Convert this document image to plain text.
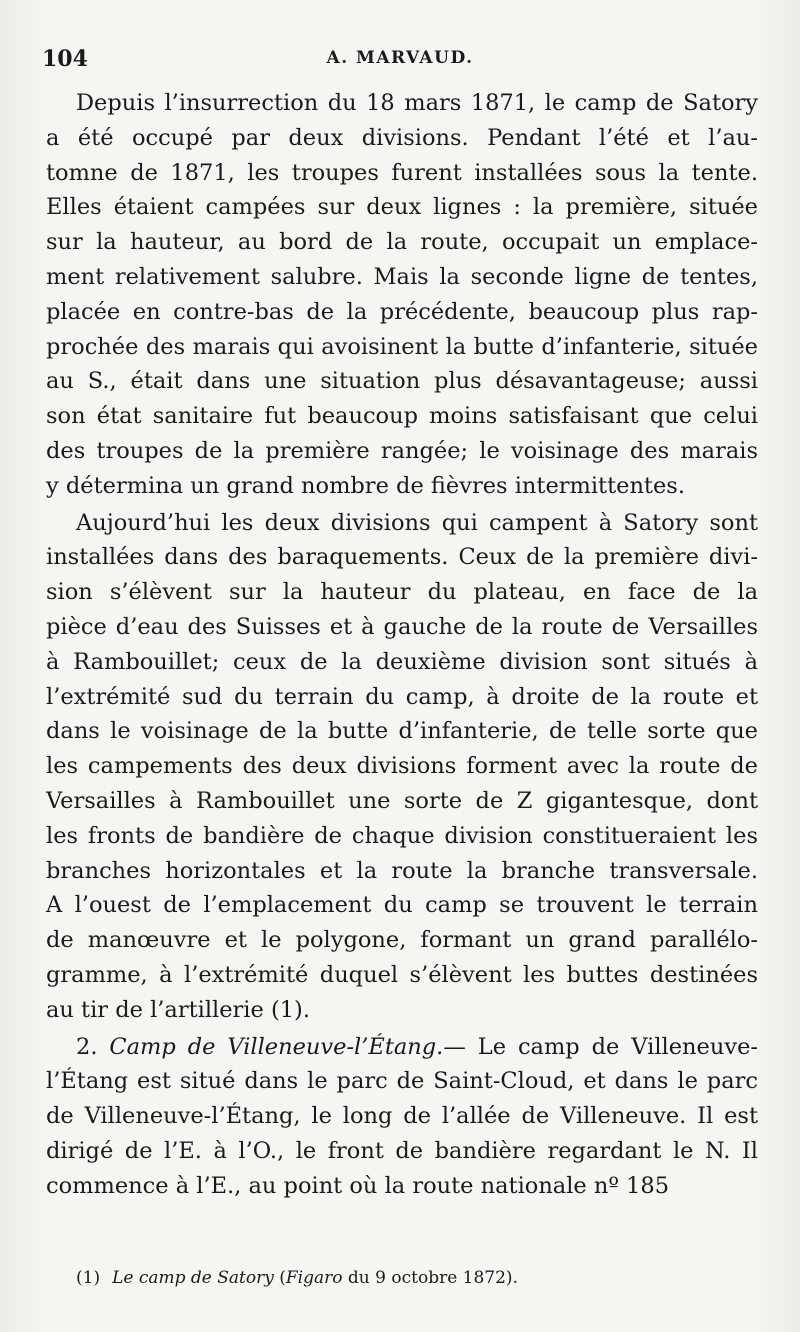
104	A. MARVAUD.
Depuis l’insurrection du 18 mars 1871, le camp de Satory
a été occupé par deux divisions. Pendant l’été et l’au-
tomne de 1871, les troupes furent installées sous la tente.
Elles étaient campées sur deux lignes : la première, située
sur la hauteur, au bord de la route, occupait un emplace-
ment relativement salubre. Mais la seconde ligne de tentes,
placée en contre-bas de la précédente, beaucoup plus rap-
prochée des marais qui avoisinent la butte d’infanterie, située
au S., était dans une situation plus désavantageuse; aussi
son état sanitaire fut beaucoup moins satisfaisant que celui
des troupes de la première rangée; le voisinage des marais
y détermina un grand nombre de fièvres intermittentes.
Aujourd’hui les deux divisions qui campent à Satory sont
installées dans des baraquements. Ceux de la première divi-
sion s’élèvent sur la hauteur du plateau, en face de la
pièce d’eau des Suisses et à gauche de la route de Versailles
à Rambouillet; ceux de la deuxième division sont situés à
l’extrémité sud du terrain du camp, à droite de la route et
dans le voisinage de la butte d’infanterie, de telle sorte que
les campements des deux divisions forment avec la route de
Versailles à Rambouillet une sorte de Z gigantesque, dont
les fronts de bandière de chaque division constitueraient les
branches horizontales et la route la branche transversale.
A l’ouest de l’emplacement du camp se trouvent le terrain
de manœuvre et le polygone, formant un grand parallélo-
gramme, à l’extrémité duquel s’élèvent les buttes destinées
au tir de l’artillerie (1).
2. Camp de Villeneuve-l’Étang.— Le camp de Villeneuve-
l’Étang est situé dans le parc de Saint-Cloud, et dans le parc
de Villeneuve-l’Étang, le long de l’allée de Villeneuve. Il est
dirigé de l’E. à l’O., le front de bandière regardant le N. Il
commence à l’E., au point où la route nationale nº 185
(1) Le camp de Satory (Figaro du 9 octobre 1872).
